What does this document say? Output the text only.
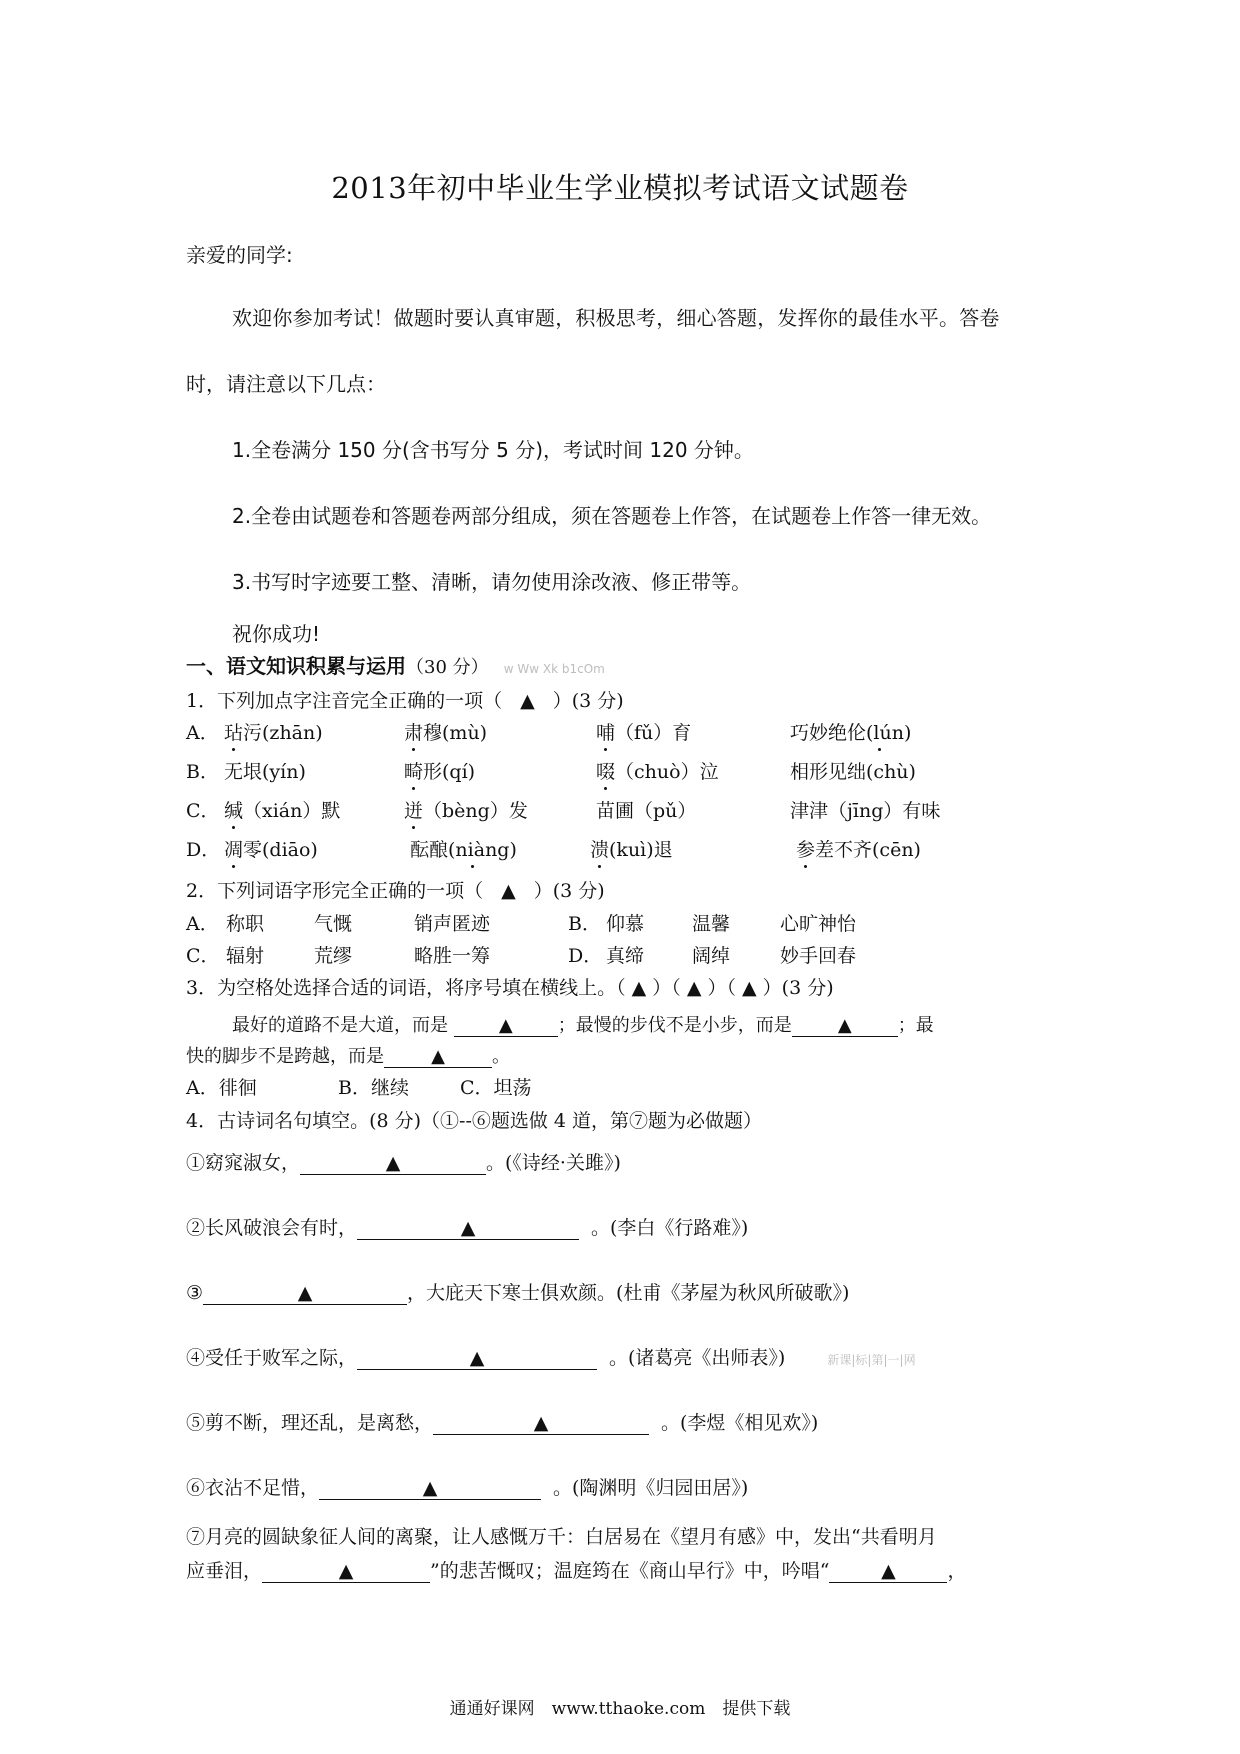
2013年初中毕业生学业模拟考试语文试题卷
亲爱的同学:
欢迎你参加考试！做题时要认真审题，积极思考，细心答题，发挥你的最佳水平。答卷
时，请注意以下几点：
1.全卷满分 150 分(含书写分 5 分)，考试时间 120 分钟。
2.全卷由试题卷和答题卷两部分组成，须在答题卷上作答，在试题卷上作答一律无效。
3.书写时字迹要工整、清晰，请勿使用涂改液、修正带等。
祝你成功!
一、语文知识积累与运用（30 分） w Ww Xk b1cOm
1．下列加点字注音完全正确的一项（ ▲ ）(3 分)
A． 玷污(zhān)	肃穆(mù)	哺（fǔ）育	巧妙绝伦(lún)
B． 无垠(yín)	畸形(qí)	啜（chuò）泣	相形见绌(chù)
C． 缄（xián）默	迸（bèng）发	苗圃（pǔ）	津津（jīng）有味
D． 凋零(diāo)	酝酿(niàng)	溃(kuì)退	参差不齐(cēn)
2．下列词语字形完全正确的一项（ ▲ ）(3 分)
A． 称职	气慨	销声匿迹	B． 仰慕	温馨	心旷神怡
C． 辐射	荒缪	略胜一筹	D． 真缔	阔绰	妙手回春
3．为空格处选择合适的词语，将序号填在横线上。（ ▲ ）（ ▲ ）（ ▲ ）(3 分)
最好的道路不是大道，而是	▲	；最慢的步伐不是小步，而是	▲	；最
快的脚步不是跨越，而是	▲	。
A．徘徊	B．继续	C．坦荡
4．古诗词名句填空。(8 分)（①--⑥题选做 4 道，第⑦题为必做题）
①窈窕淑女，	▲	。(《诗经·关雎》)
②长风破浪会有时，	▲	。(李白《行路难》)
③	▲	，大庇天下寒士俱欢颜。(杜甫《茅屋为秋风所破歌》)
④受任于败军之际，	▲	。(诸葛亮《出师表》)	新课|标|第|一|网
⑤剪不断，理还乱，是离愁，	▲	。(李煜《相见欢》)
⑥衣沾不足惜，	▲	。(陶渊明《归园田居》)
⑦月亮的圆缺象征人间的离聚，让人感慨万千：白居易在《望月有感》中，发出“共看明月
应垂泪，	▲	”的悲苦慨叹；温庭筠在《商山早行》中，吟唱“	▲	，
通通好课网　www.tthaoke.com　提供下载
